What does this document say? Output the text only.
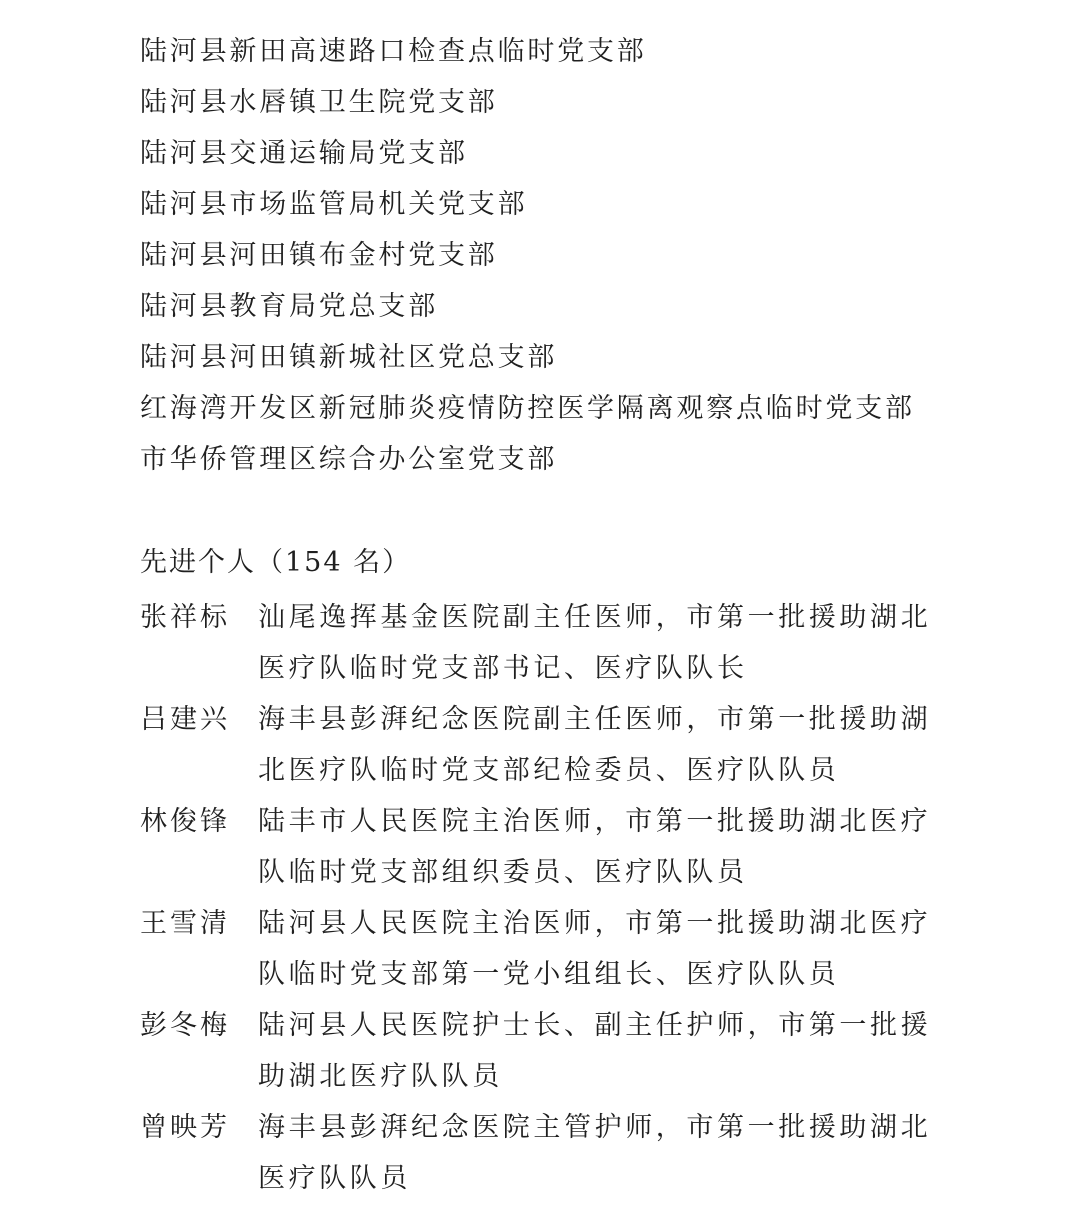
陆河县新田高速路口检查点临时党支部
陆河县水唇镇卫生院党支部
陆河县交通运输局党支部
陆河县市场监管局机关党支部
陆河县河田镇布金村党支部
陆河县教育局党总支部
陆河县河田镇新城社区党总支部
红海湾开发区新冠肺炎疫情防控医学隔离观察点临时党支部
市华侨管理区综合办公室党支部
先进个人（154 名）
张祥标	汕尾逸挥基金医院副主任医师，市第一批援助湖北医疗队临时党支部书记、医疗队队长
吕建兴	海丰县彭湃纪念医院副主任医师，市第一批援助湖北医疗队临时党支部纪检委员、医疗队队员
林俊锋	陆丰市人民医院主治医师，市第一批援助湖北医疗队临时党支部组织委员、医疗队队员
王雪清	陆河县人民医院主治医师，市第一批援助湖北医疗队临时党支部第一党小组组长、医疗队队员
彭冬梅	陆河县人民医院护士长、副主任护师，市第一批援助湖北医疗队队员
曾映芳	海丰县彭湃纪念医院主管护师，市第一批援助湖北医疗队队员
